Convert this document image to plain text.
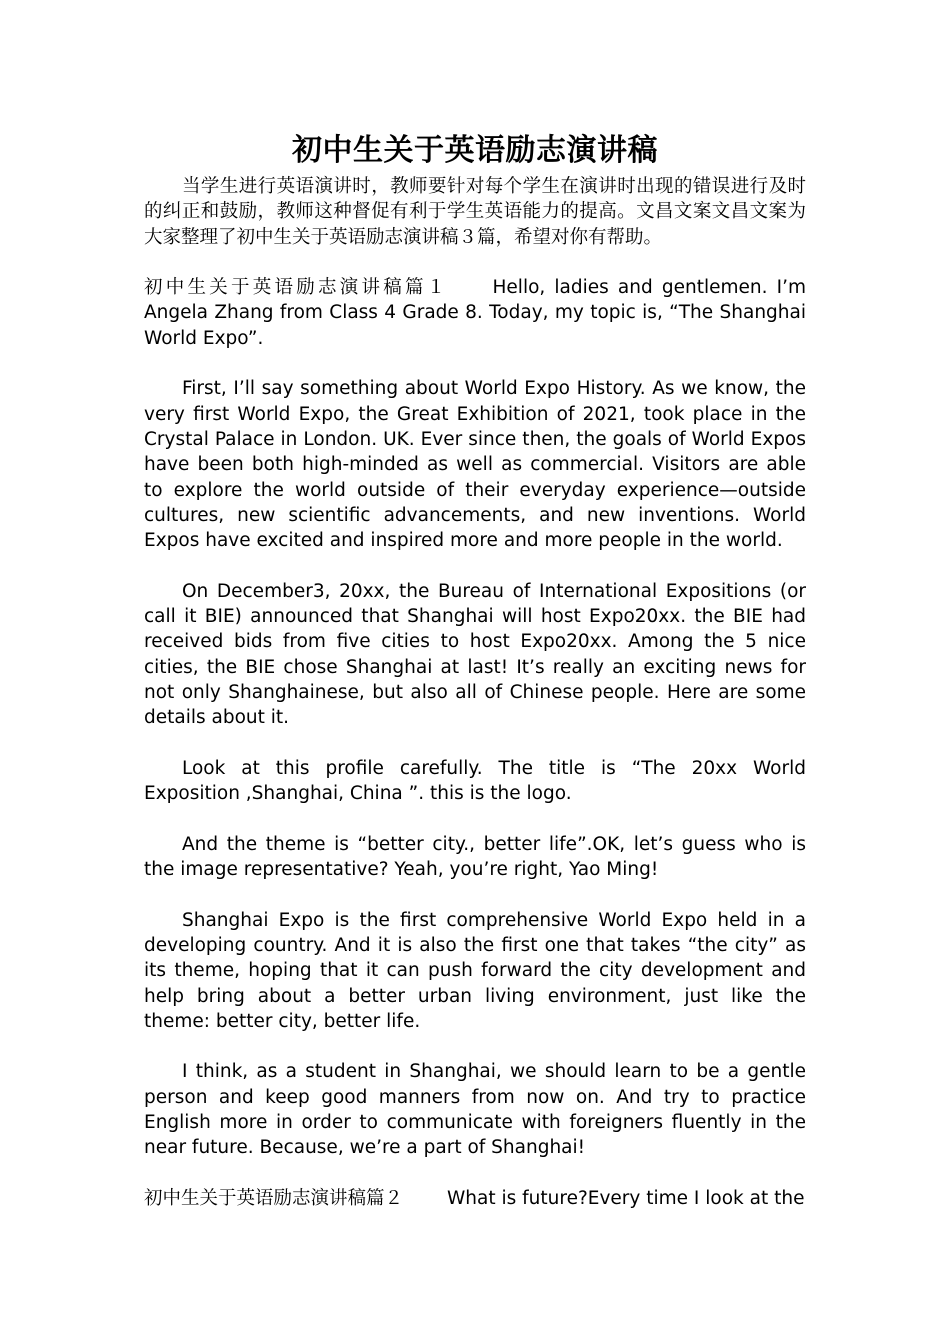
初中生关于英语励志演讲稿

当学生进行英语演讲时，教师要针对每个学生在演讲时出现的错误进行及时的纠正和鼓励，教师这种督促有利于学生英语能力的提高。文昌文案文昌文案为大家整理了初中生关于英语励志演讲稿３篇，希望对你有帮助。

初中生关于英语励志演讲稿篇１ Hello, ladies and gentlemen. I’m Angela Zhang from Class 4 Grade 8. Today, my topic is, “The Shanghai World Expo”.

First, I’ll say something about World Expo History. As we know, the very first World Expo, the Great Exhibition of 2021, took place in the Crystal Palace in London. UK. Ever since then, the goals of World Expos have been both high-minded as well as commercial. Visitors are able to explore the world outside of their everyday experience—outside cultures, new scientific advancements, and new inventions. World Expos have excited and inspired more and more people in the world.

On December3, 20xx, the Bureau of International Expositions (or call it BIE) announced that Shanghai will host Expo20xx. the BIE had received bids from five cities to host Expo20xx. Among the 5 nice cities, the BIE chose Shanghai at last! It’s really an exciting news for not only Shanghainese, but also all of Chinese people. Here are some details about it.

Look at this profile carefully. The title is “The 20xx World Exposition ,Shanghai, China ”. this is the logo.

And the theme is “better city., better life”.OK, let’s guess who is the image representative? Yeah, you’re right, Yao Ming!

Shanghai Expo is the first comprehensive World Expo held in a developing country. And it is also the first one that takes “the city” as its theme, hoping that it can push forward the city development and help bring about a better urban living environment, just like the theme: better city, better life.

I think, as a student in Shanghai, we should learn to be a gentle person and keep good manners from now on. And try to practice English more in order to communicate with foreigners fluently in the near future. Because, we’re a part of Shanghai!

初中生关于英语励志演讲稿篇２ What is future?Every time I look at the
